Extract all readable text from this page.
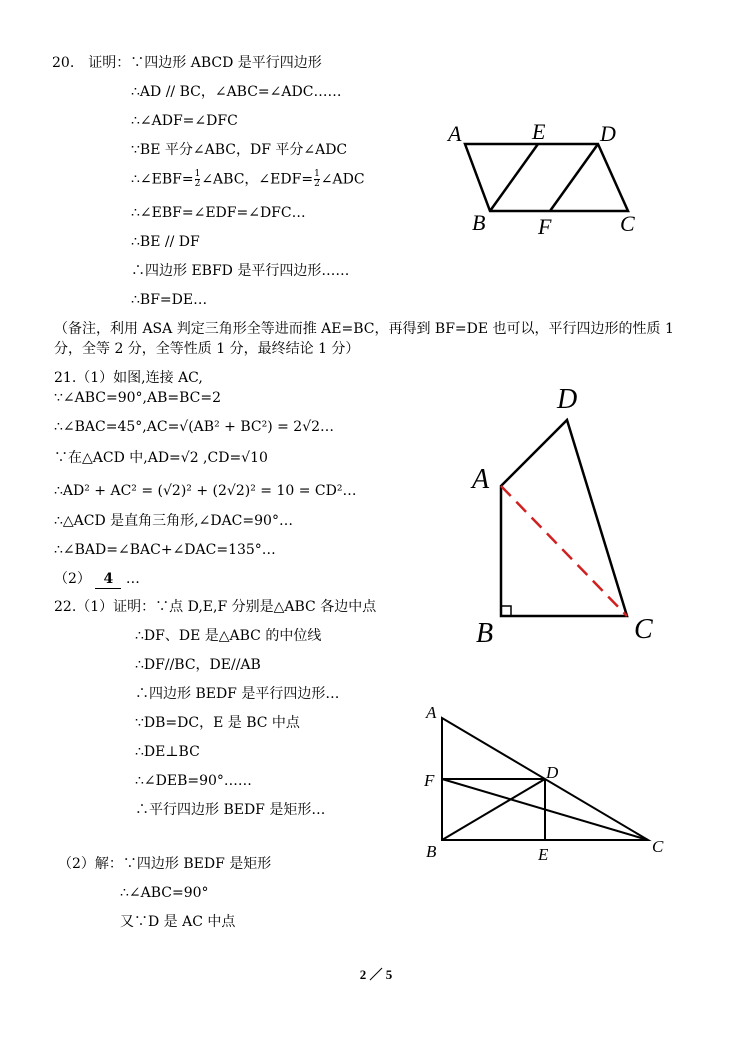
20.　证明：∵四边形 ABCD 是平行四边形
∴AD // BC，∠ABC=∠ADC……
∴∠ADF=∠DFC
∵BE 平分∠ABC，DF 平分∠ADC
∴∠EBF= $\frac{1}{2}$ ∠ABC，∠EDF= $\frac{1}{2}$ ∠ADC
∴∠EBF=∠EDF=∠DFC…
∴BE // DF
∴四边形 EBFD 是平行四边形……
∴BF=DE…
（备注，利用 ASA 判定三角形全等进而推 AE=BC，再得到 BF=DE 也可以，平行四边形的性质 1
分，全等 2 分，全等性质 1 分，最终结论 1 分）
A	E D
B F	C
21.（1）如图,连接 AC,
∵∠ABC=90°,AB=BC=2
∴∠BAC=45°,AC=√(AB² + BC²) = 2√2…
∵在△ACD 中,AD=√2 ,CD=√10
∴AD² + AC² = (√2)² + (2√2)² = 10 = CD²…
∴△ACD 是直角三角形,∠DAC=90°…
∴∠BAD=∠BAC+∠DAC=135°…
（2） 4 …
D
A
B	C
22.（1）证明：∵点 D,E,F 分别是△ABC 各边中点
∴DF、DE 是△ABC 的中位线
∴DF//BC，DE//AB
∴四边形 BEDF 是平行四边形…
∵DB=DC，E 是 BC 中点
∴DE⊥BC
∴∠DEB=90°……
∴平行四边形 BEDF 是矩形…
（2）解：∵四边形 BEDF 是矩形
∴∠ABC=90°
又∵D 是 AC 中点
A
F	D
B	E	C
2 ／ 5
